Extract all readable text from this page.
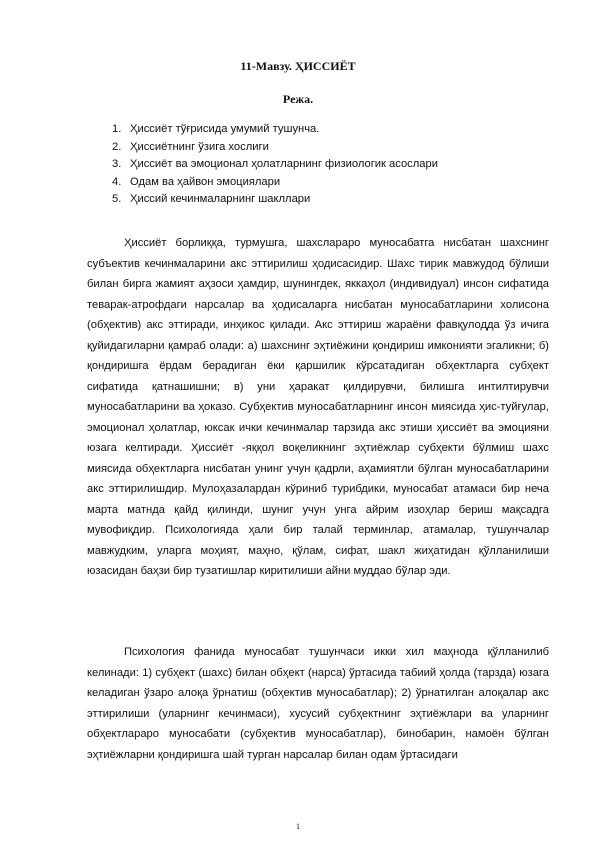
11-Мавзу. ҲИССИЁТ
Режа.
1. Ҳиссиёт тўғрисида умумий тушунча.
2. Ҳиссиётнинг ўзига хослиги
3. Ҳиссиёт ва эмоционал ҳолатларнинг физиологик асослари
4. Одам ва ҳайвон эмоциялари
5. Ҳиссий кечинмаларнинг шакллари

Ҳиссиёт борлиққа, турмушга, шахслараро муносабатга нисбатан шахснинг субъектив кечинмаларини акс эттирилиш ҳодисасидир. Шахс тирик мавжудод бўлиши билан бирга жамият аҳзоси ҳамдир, шунингдек, яккаҳол (индивидуал) инсон сифатида теварак-атрофдаги нарсалар ва ҳодисаларга нисбатан муносабатларини холисона (обҳектив) акс эттиради, инҳикос қилади. Акс эттириш жараёни фавқулодда ўз ичига қуйидагиларни қамраб олади: а) шахснинг эҳтиёжини қондириш имконияти эгаликни; б) қондиришга ёрдам берадиган ёки қаршилик кўрсатадиган обҳектларга субҳект сифатида қатнашишни; в) уни ҳаракат қилдирувчи, билишга интилтирувчи муносабатларини ва ҳоказо. Субҳектив муносабатларнинг инсон миясида ҳис-туйғулар, эмоционал ҳолатлар, юксак ички кечинмалар тарзида акс этиши ҳиссиёт ва эмоцияни юзага келтиради. Ҳиссиёт -яққол воқеликнинг эҳтиёжлар субҳекти бўлмиш шахс миясида обҳектларга нисбатан унинг учун қадрли, аҳамиятли бўлган муносабатларини акс эттирилишдир. Мулоҳазалардан кўриниб турибдики, муносабат атамаси бир неча марта матнда қайд қилинди, шуниг учун унга айрим изоҳлар бериш мақсадга мувофиқдир. Психологияда ҳали бир талай терминлар, атамалар, тушунчалар мавжудким, уларга моҳият, маҳно, қўлам, сифат, шакл жиҳатидан қўлланилиши юзасидан баҳзи бир тузатишлар киритилиши айни муддао бўлар эди.

Психология фанида муносабат тушунчаси икки хил маҳнода қўлланилиб келинади: 1) субҳект (шахс) билан обҳект (нарса) ўртасида табиий ҳолда (тарзда) юзага келадиган ўзаро алоқа ўрнатиш (обҳектив муносабатлар); 2) ўрнатилган алоқалар акс эттирилиши (уларнинг кечинмаси), хусусий субҳектнинг эҳтиёжлари ва уларнинг обҳектлараро муносабати (субҳектив муносабатлар), бинобарин, намоён бўлган эҳтиёжларни қондиришга шай турган нарсалар билан одам ўртасидаги

1
